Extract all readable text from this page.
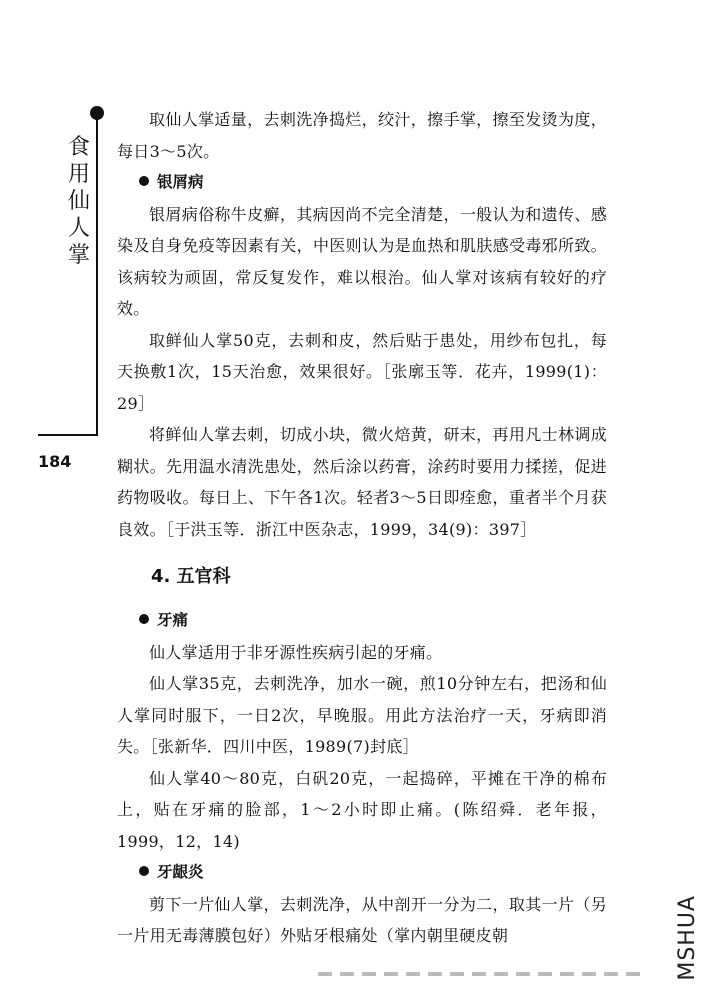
食
用
仙
人
掌
184

取仙人掌适量，去刺洗净捣烂，绞汁，擦手掌，擦至发烫为度，每日3～5次。

银屑病

银屑病俗称牛皮癣，其病因尚不完全清楚，一般认为和遗传、感染及自身免疫等因素有关，中医则认为是血热和肌肤感受毒邪所致。该病较为顽固，常反复发作，难以根治。仙人掌对该病有较好的疗效。

取鲜仙人掌50克，去刺和皮，然后贴于患处，用纱布包扎，每天换敷1次，15天治愈，效果很好。［张廓玉等．花卉，1999(1)：29］

将鲜仙人掌去刺，切成小块，微火焙黄，研末，再用凡士林调成糊状。先用温水清洗患处，然后涂以药膏，涂药时要用力揉搓，促进药物吸收。每日上、下午各1次。轻者3～5日即痊愈，重者半个月获良效。［于洪玉等．浙江中医杂志，1999，34(9)：397］

4. 五官科

牙痛

仙人掌适用于非牙源性疾病引起的牙痛。

仙人掌35克，去刺洗净，加水一碗，煎10分钟左右，把汤和仙人掌同时服下，一日2次，早晚服。用此方法治疗一天，牙病即消失。［张新华．四川中医，1989(7)封底］

仙人掌40～80克，白矾20克，一起捣碎，平摊在干净的棉布上，贴在牙痛的脸部，1～2小时即止痛。(陈绍舜．老年报，1999，12，14)

牙龈炎

剪下一片仙人掌，去刺洗净，从中剖开一分为二，取其一片（另一片用无毒薄膜包好）外贴牙根痛处（掌内朝里硬皮朝	MSHUA
